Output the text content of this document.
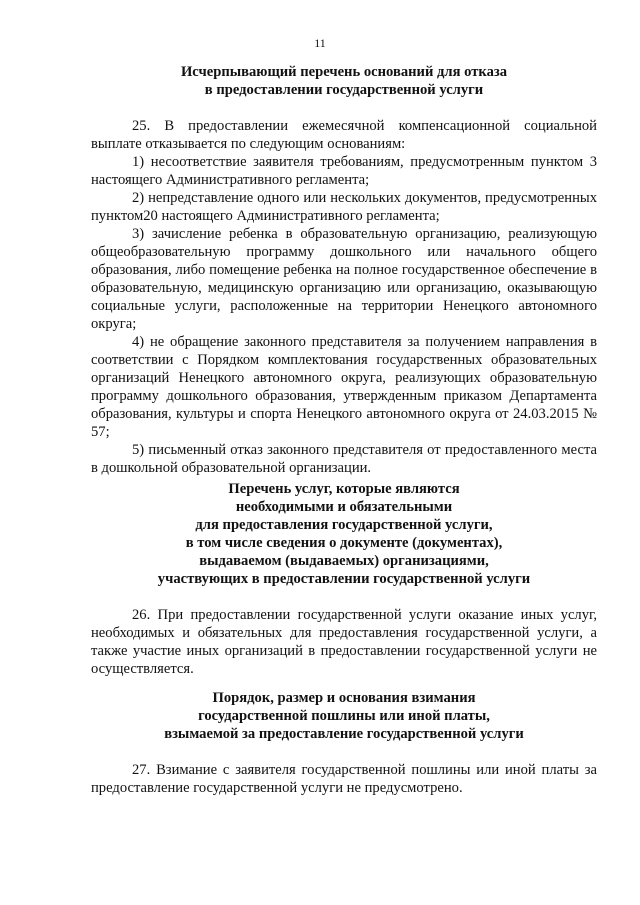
11
Исчерпывающий перечень оснований для отказа
в предоставлении государственной услуги

25. В предоставлении ежемесячной компенсационной социальной выплате отказывается по следующим основаниям:

1) несоответствие заявителя требованиям, предусмотренным пунктом 3 настоящего Административного регламента;

2) непредставление одного или нескольких документов, предусмотренных пунктом20 настоящего Административного регламента;

3) зачисление ребенка в образовательную организацию, реализующую общеобразовательную программу дошкольного или начального общего образования, либо помещение ребенка на полное государственное обеспечение в образовательную, медицинскую организацию или организацию, оказывающую социальные услуги, расположенные на территории Ненецкого автономного округа;

4) не обращение законного представителя за получением направления в соответствии с Порядком комплектования государственных образовательных организаций Ненецкого автономного округа, реализующих образовательную программу дошкольного образования, утвержденным приказом Департамента образования, культуры и спорта Ненецкого автономного округа от 24.03.2015 № 57;

5) письменный отказ законного представителя от предоставленного места в дошкольной образовательной организации.

Перечень услуг, которые являются
необходимыми и обязательными
для предоставления государственной услуги,
в том числе сведения о документе (документах),
выдаваемом (выдаваемых) организациями,
участвующих в предоставлении государственной услуги

26. При предоставлении государственной услуги оказание иных услуг, необходимых и обязательных для предоставления государственной услуги, а также участие иных организаций в предоставлении государственной услуги не осуществляется.

Порядок, размер и основания взимания
государственной пошлины или иной платы,
взымаемой за предоставление государственной услуги

27. Взимание с заявителя государственной пошлины или иной платы за предоставление государственной услуги не предусмотрено.
